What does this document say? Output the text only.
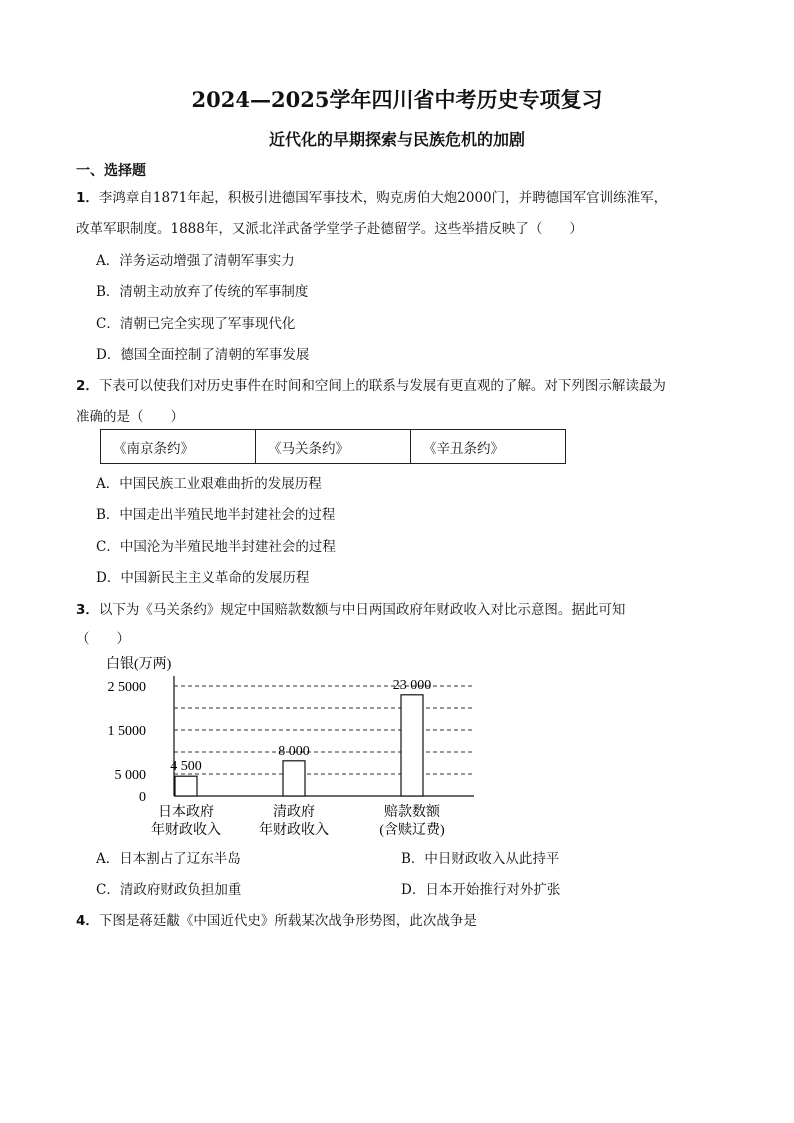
2024—2025学年四川省中考历史专项复习
近代化的早期探索与民族危机的加剧
一、选择题
1．李鸿章自1871年起，积极引进德国军事技术，购克虏伯大炮2000门，并聘德国军官训练淮军，
改革军职制度。1888年，又派北洋武备学堂学子赴德留学。这些举措反映了（　　）
A．洋务运动增强了清朝军事实力
B．清朝主动放弃了传统的军事制度
C．清朝已完全实现了军事现代化
D．德国全面控制了清朝的军事发展
2．下表可以使我们对历史事件在时间和空间上的联系与发展有更直观的了解。对下列图示解读最为
准确的是（　　）
《南京条约》	《马关条约》	《辛丑条约》
A．中国民族工业艰难曲折的发展历程
B．中国走出半殖民地半封建社会的过程
C．中国沦为半殖民地半封建社会的过程
D．中国新民主主义革命的发展历程
3．以下为《马关条约》规定中国赔款数额与中日两国政府年财政收入对比示意图。据此可知
（　　）
白银(万两)
0
5 000
1 5000
2 5000
4 500
日本政府
年财政收入
8 000
清政府
年财政收入
23 000
赔款数额
(含赎辽费)
A．日本割占了辽东半岛	B．中日财政收入从此持平
C．清政府财政负担加重	D．日本开始推行对外扩张
4．下图是蒋廷黻《中国近代史》所载某次战争形势图，此次战争是
